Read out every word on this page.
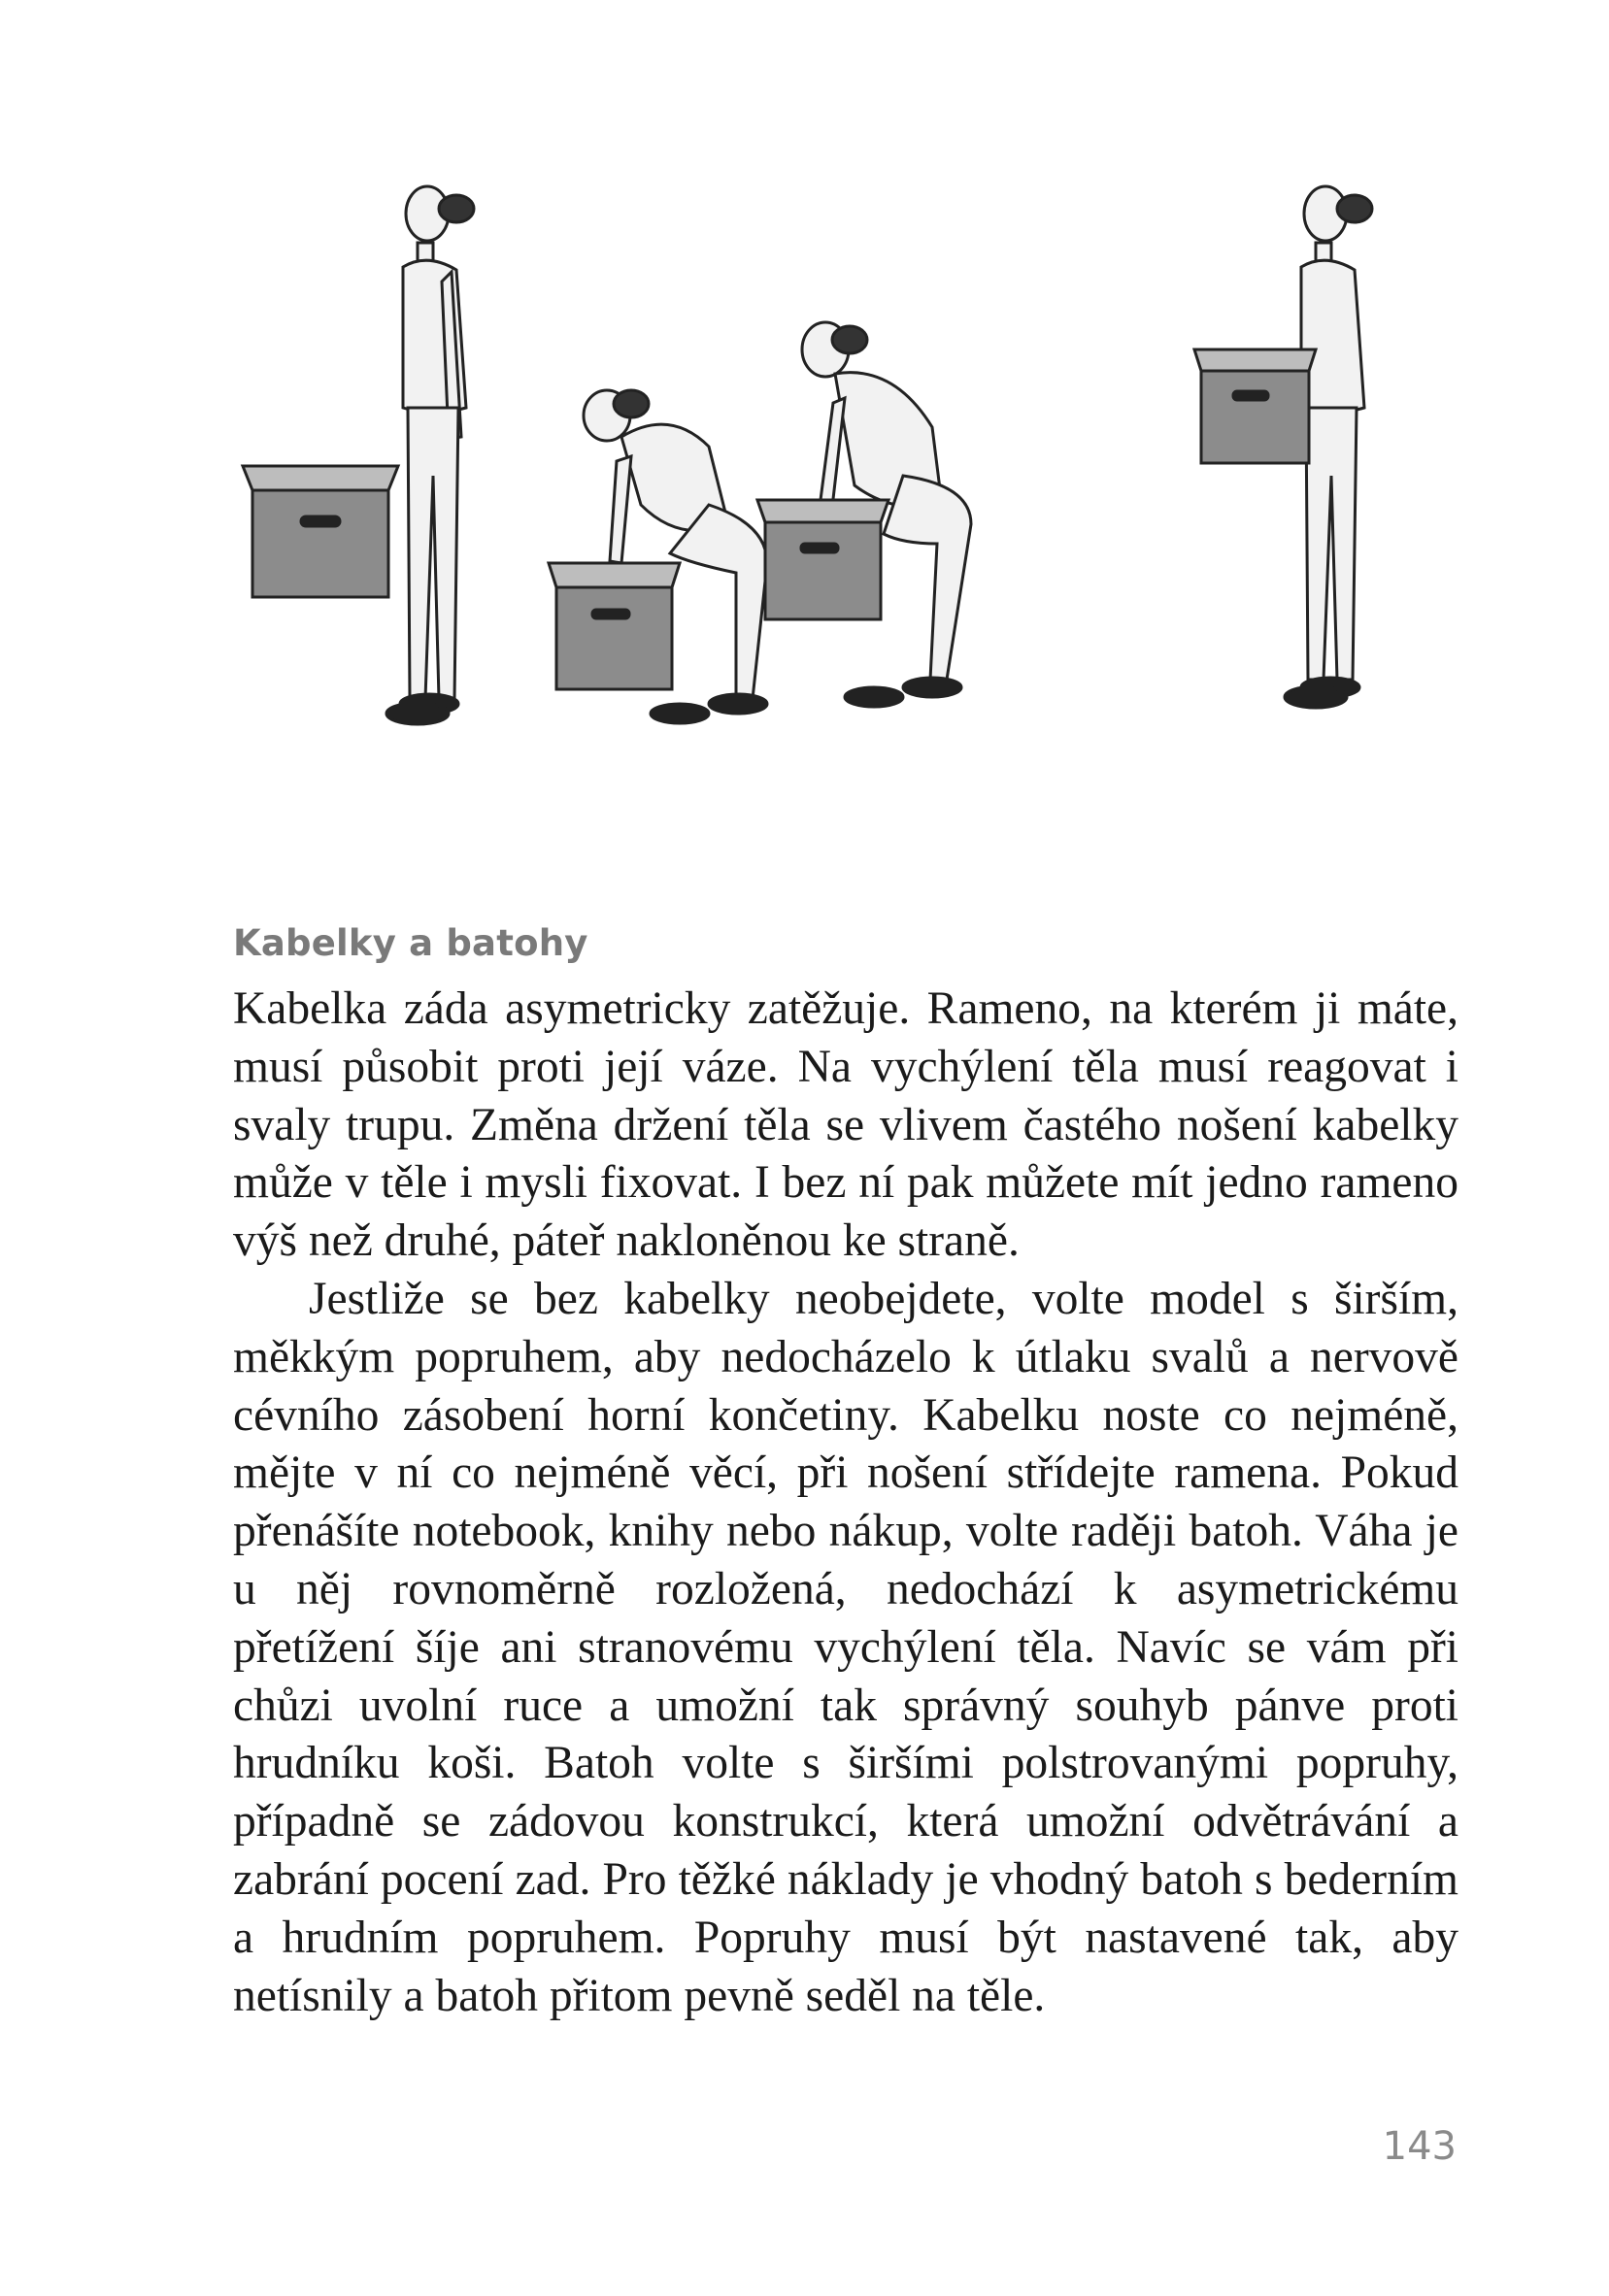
Kabelky a batohy

Kabelka záda asymetricky zatěžuje. Rameno, na kterém ji máte, musí působit proti její váze. Na vychýlení těla musí reagovat i svaly trupu. Změna držení těla se vlivem častého nošení kabelky může v těle i mysli fixovat. I bez ní pak můžete mít jedno rameno výš než druhé, páteř nakloněnou ke straně.

Jestliže se bez kabelky neobejdete, volte model s širším, měkkým popruhem, aby nedocházelo k útlaku svalů a nervově cévního zásobení horní končetiny. Kabelku noste co nejméně, mějte v ní co nejméně věcí, při nošení střídejte ramena. Pokud přenášíte notebook, knihy nebo nákup, volte raději batoh. Váha je u něj rovnoměrně rozložená, nedochází k asymetrickému přetížení šíje ani stranovému vychýlení těla. Navíc se vám při chůzi uvolní ruce a umožní tak správný souhyb pánve proti hrudníku koši. Batoh volte s širšími polstrovanými popruhy, případně se zádovou konstrukcí, která umožní odvětrávání a zabrání pocení zad. Pro těžké náklady je vhodný batoh s bederním a hrudním popruhem. Popruhy musí být nastavené tak, aby netísnily a batoh přitom pevně seděl na těle.

143
